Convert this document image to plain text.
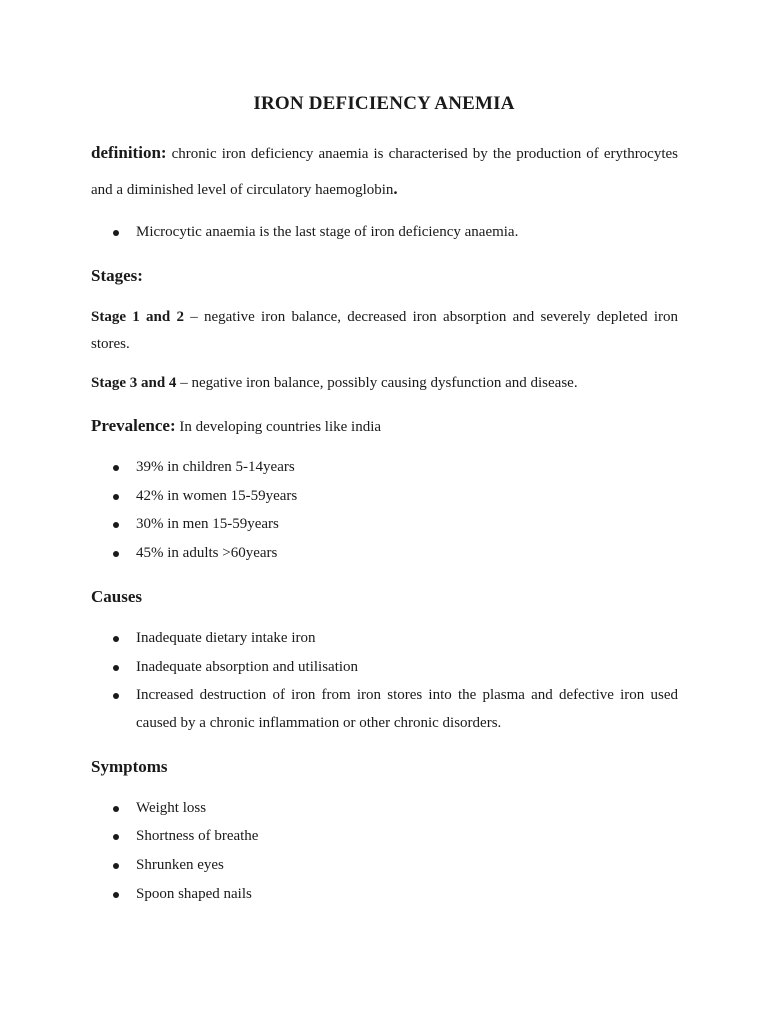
IRON DEFICIENCY ANEMIA
definition: chronic iron deficiency anaemia is characterised by the production of erythrocytes
and a diminished level of circulatory haemoglobin.
Microcytic anaemia is the last stage of iron deficiency anaemia.
Stages:
Stage 1 and 2 – negative iron balance, decreased iron absorption and severely depleted iron
stores.
Stage 3 and 4 – negative iron balance, possibly causing dysfunction and disease.
Prevalence: In developing countries like india
39% in children 5-14years
42% in women 15-59years
30% in men 15-59years
45% in adults >60years
Causes
Inadequate dietary intake iron
Inadequate absorption and utilisation
Increased destruction of iron from iron stores into the plasma and defective iron used
caused by a chronic inflammation or other chronic disorders.
Symptoms
Weight loss
Shortness of breathe
Shrunken eyes
Spoon shaped nails
